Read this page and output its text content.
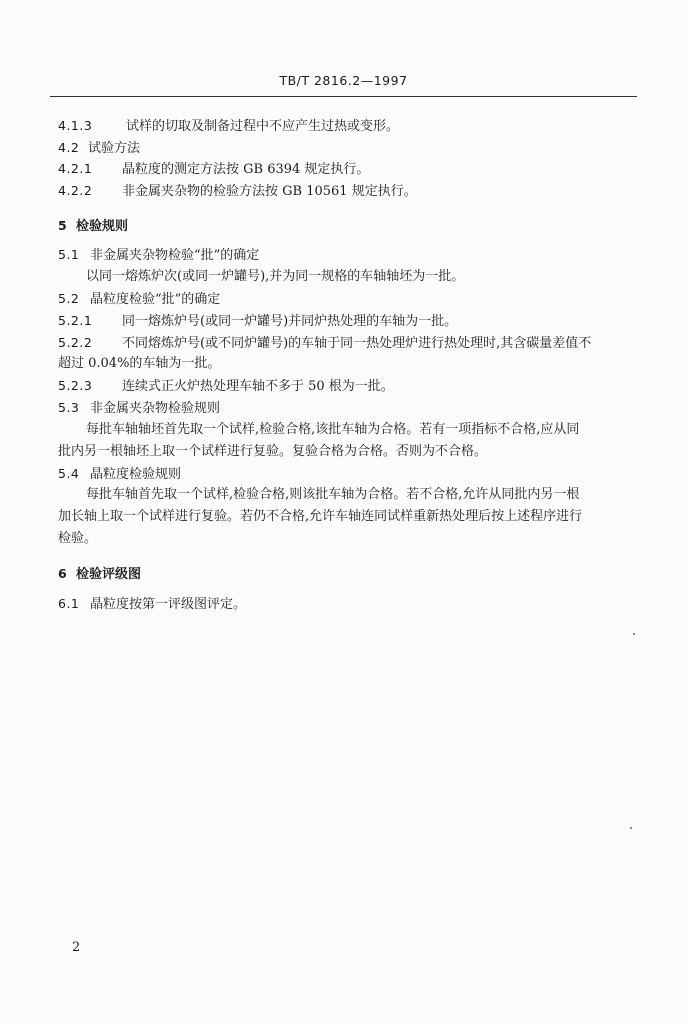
TB/T 2816.2—1997
4.1.3	试样的切取及制备过程中不应产生过热或变形。
4.2 试验方法
4.2.1 晶粒度的测定方法按 GB 6394 规定执行。
4.2.2 非金属夹杂物的检验方法按 GB 10561 规定执行。
5 检验规则
5.1 非金属夹杂物检验“批”的确定
以同一熔炼炉次(或同一炉罐号),并为同一规格的车轴轴坯为一批。
5.2 晶粒度检验“批”的确定
5.2.1 同一熔炼炉号(或同一炉罐号)并同炉热处理的车轴为一批。
5.2.2 不同熔炼炉号(或不同炉罐号)的车轴于同一热处理炉进行热处理时,其含碳量差值不
超过 0.04%的车轴为一批。
5.2.3 连续式正火炉热处理车轴不多于 50 根为一批。
5.3 非金属夹杂物检验规则
每批车轴轴坯首先取一个试样,检验合格,该批车轴为合格。若有一项指标不合格,应从同
批内另一根轴坯上取一个试样进行复验。复验合格为合格。否则为不合格。
5.4 晶粒度检验规则
每批车轴首先取一个试样,检验合格,则该批车轴为合格。若不合格,允许从同批内另一根
加长轴上取一个试样进行复验。若仍不合格,允许车轴连同试样重新热处理后按上述程序进行
检验。
6 检验评级图
6.1 晶粒度按第一评级图评定。
2
